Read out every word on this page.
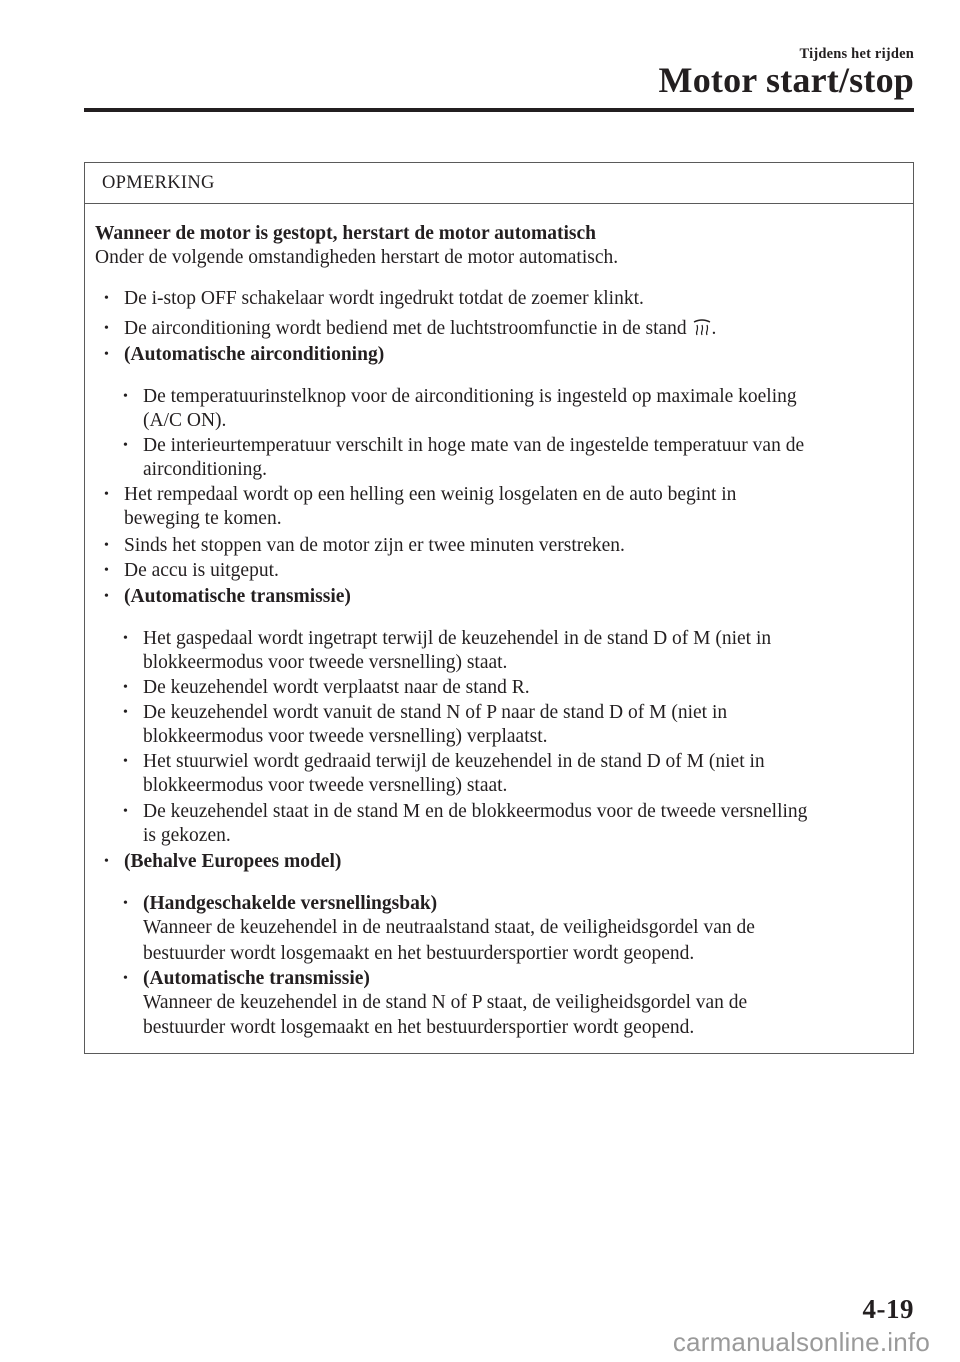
Tijdens het rijden
Motor start/stop
OPMERKING
Wanneer de motor is gestopt, herstart de motor automatisch
Onder de volgende omstandigheden herstart de motor automatisch.
• De i-stop OFF schakelaar wordt ingedrukt totdat de zoemer klinkt.
• De airconditioning wordt bediend met de luchtstroomfunctie in de stand .
• (Automatische airconditioning)
• De temperatuurinstelknop voor de airconditioning is ingesteld op maximale koeling
(A/C ON).
• De interieurtemperatuur verschilt in hoge mate van de ingestelde temperatuur van de
airconditioning.
• Het rempedaal wordt op een helling een weinig losgelaten en de auto begint in
beweging te komen.
• Sinds het stoppen van de motor zijn er twee minuten verstreken.
• De accu is uitgeput.
• (Automatische transmissie)
• Het gaspedaal wordt ingetrapt terwijl de keuzehendel in de stand D of M (niet in
blokkeermodus voor tweede versnelling) staat.
• De keuzehendel wordt verplaatst naar de stand R.
• De keuzehendel wordt vanuit de stand N of P naar de stand D of M (niet in
blokkeermodus voor tweede versnelling) verplaatst.
• Het stuurwiel wordt gedraaid terwijl de keuzehendel in de stand D of M (niet in
blokkeermodus voor tweede versnelling) staat.
• De keuzehendel staat in de stand M en de blokkeermodus voor de tweede versnelling
is gekozen.
• (Behalve Europees model)
• (Handgeschakelde versnellingsbak)
Wanneer de keuzehendel in de neutraalstand staat, de veiligheidsgordel van de
bestuurder wordt losgemaakt en het bestuurdersportier wordt geopend.
• (Automatische transmissie)
Wanneer de keuzehendel in de stand N of P staat, de veiligheidsgordel van de
bestuurder wordt losgemaakt en het bestuurdersportier wordt geopend.
4-19
carmanualsonline.info
